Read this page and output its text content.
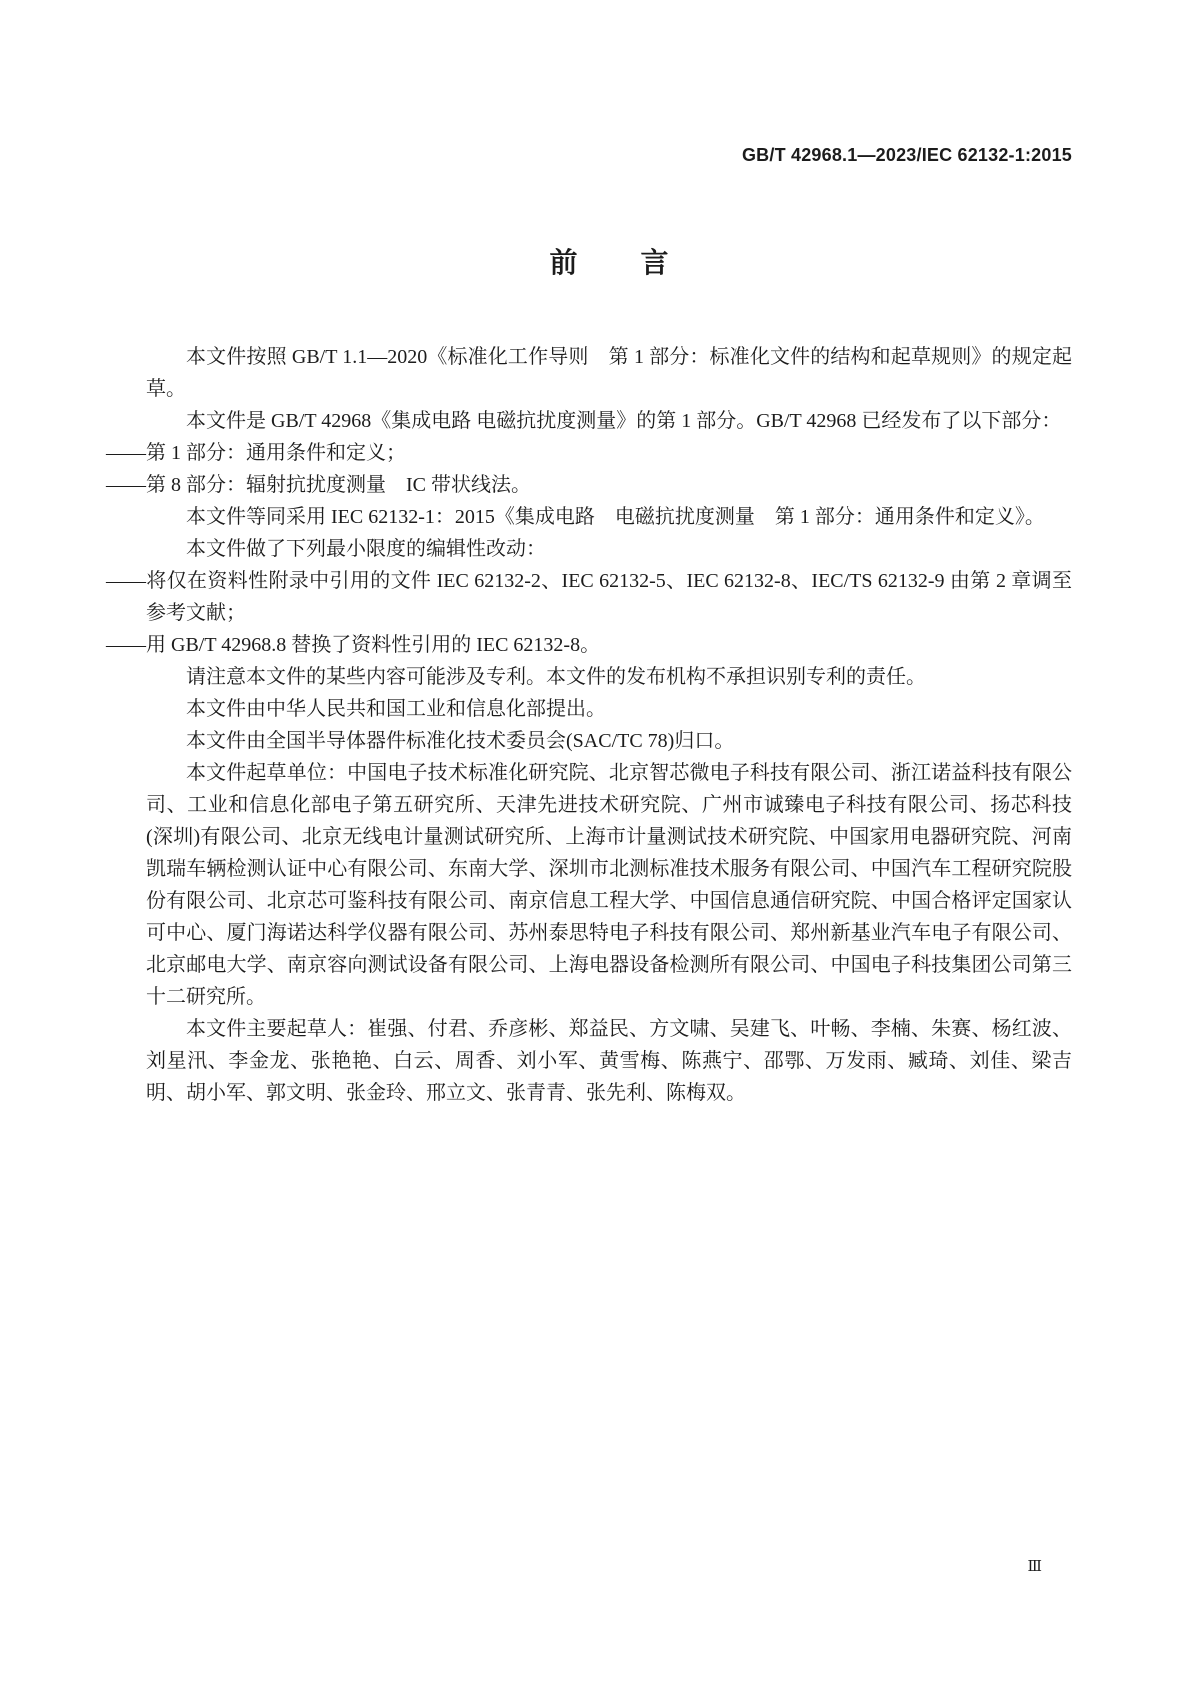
GB/T 42968.1—2023/IEC 62132-1:2015
前 言

本文件按照 GB/T 1.1—2020《标准化工作导则　第 1 部分：标准化文件的结构和起草规则》的规定起草。

本文件是 GB/T 42968《集成电路 电磁抗扰度测量》的第 1 部分。GB/T 42968 已经发布了以下部分：

——第 1 部分：通用条件和定义；

——第 8 部分：辐射抗扰度测量　IC 带状线法。

本文件等同采用 IEC 62132-1：2015《集成电路　电磁抗扰度测量　第 1 部分：通用条件和定义》。

本文件做了下列最小限度的编辑性改动：

——将仅在资料性附录中引用的文件 IEC 62132-2、IEC 62132-5、IEC 62132-8、IEC/TS 62132-9 由第 2 章调至参考文献；

——用 GB/T 42968.8 替换了资料性引用的 IEC 62132-8。

请注意本文件的某些内容可能涉及专利。本文件的发布机构不承担识别专利的责任。

本文件由中华人民共和国工业和信息化部提出。

本文件由全国半导体器件标准化技术委员会(SAC/TC 78)归口。

本文件起草单位：中国电子技术标准化研究院、北京智芯微电子科技有限公司、浙江诺益科技有限公司、工业和信息化部电子第五研究所、天津先进技术研究院、广州市诚臻电子科技有限公司、扬芯科技(深圳)有限公司、北京无线电计量测试研究所、上海市计量测试技术研究院、中国家用电器研究院、河南凯瑞车辆检测认证中心有限公司、东南大学、深圳市北测标准技术服务有限公司、中国汽车工程研究院股份有限公司、北京芯可鉴科技有限公司、南京信息工程大学、中国信息通信研究院、中国合格评定国家认可中心、厦门海诺达科学仪器有限公司、苏州泰思特电子科技有限公司、郑州新基业汽车电子有限公司、北京邮电大学、南京容向测试设备有限公司、上海电器设备检测所有限公司、中国电子科技集团公司第三十二研究所。

本文件主要起草人：崔强、付君、乔彦彬、郑益民、方文啸、吴建飞、叶畅、李楠、朱赛、杨红波、刘星汛、李金龙、张艳艳、白云、周香、刘小军、黄雪梅、陈燕宁、邵鄂、万发雨、臧琦、刘佳、梁吉明、胡小军、郭文明、张金玲、邢立文、张青青、张先利、陈梅双。

Ⅲ
